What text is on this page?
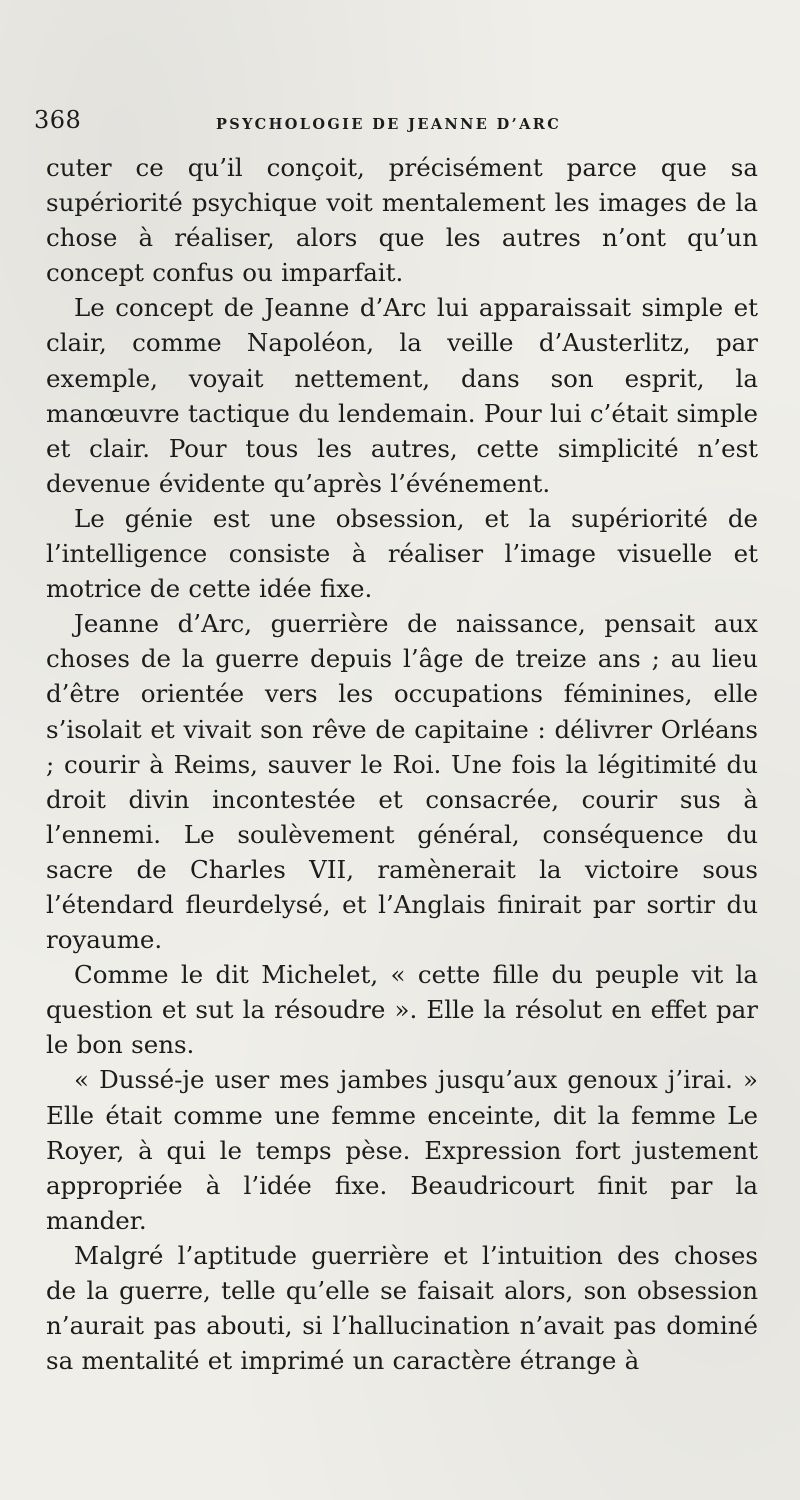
368	PSYCHOLOGIE DE JEANNE D’ARC

cuter ce qu’il conçoit, précisément parce que sa supériorité psychique voit mentalement les images de la chose à réaliser, alors que les autres n’ont qu’un concept confus ou imparfait.

Le concept de Jeanne d’Arc lui apparaissait simple et clair, comme Napoléon, la veille d’Austerlitz, par exemple, voyait nettement, dans son esprit, la manœuvre tactique du lendemain. Pour lui c’était simple et clair. Pour tous les autres, cette simplicité n’est devenue évidente qu’après l’événement.

Le génie est une obsession, et la supériorité de l’intelligence consiste à réaliser l’image visuelle et motrice de cette idée fixe.

Jeanne d’Arc, guerrière de naissance, pensait aux choses de la guerre depuis l’âge de treize ans ; au lieu d’être orientée vers les occupations féminines, elle s’isolait et vivait son rêve de capitaine : délivrer Orléans ; courir à Reims, sauver le Roi. Une fois la légitimité du droit divin incontestée et consacrée, courir sus à l’ennemi. Le soulèvement général, conséquence du sacre de Charles VII, ramènerait la victoire sous l’étendard fleurdelysé, et l’Anglais finirait par sortir du royaume.

Comme le dit Michelet, « cette fille du peuple vit la question et sut la résoudre ». Elle la résolut en effet par le bon sens.

« Dussé-je user mes jambes jusqu’aux genoux j’irai. » Elle était comme une femme enceinte, dit la femme Le Royer, à qui le temps pèse. Expression fort justement appropriée à l’idée fixe. Beaudricourt finit par la mander.

Malgré l’aptitude guerrière et l’intuition des choses de la guerre, telle qu’elle se faisait alors, son obsession n’aurait pas abouti, si l’hallucination n’avait pas dominé sa mentalité et imprimé un caractère étrange à
